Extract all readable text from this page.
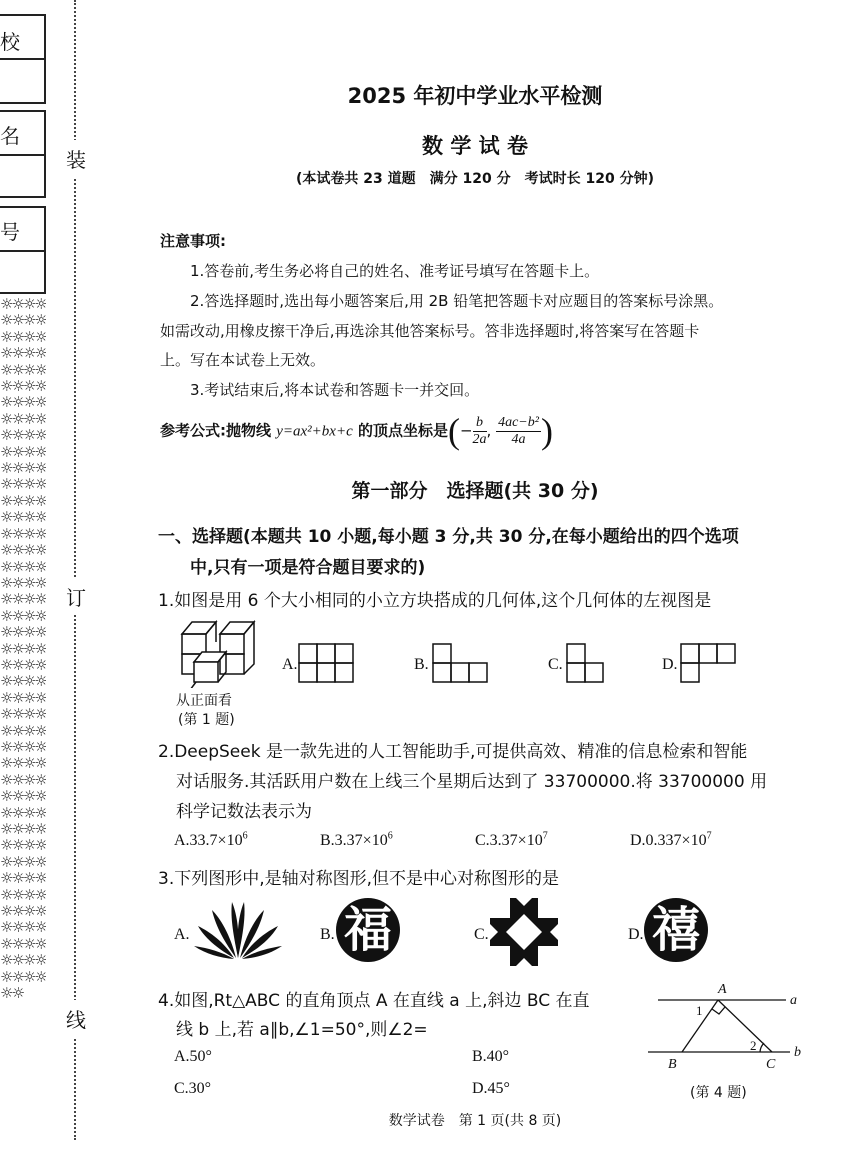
校
名
号
☼☼☼☼☼☼☼☼☼☼☼☼☼☼☼☼☼☼☼☼☼☼☼☼☼☼☼☼☼☼☼☼☼☼☼☼☼☼☼☼☼☼☼☼☼☼☼☼☼☼☼☼☼☼☼☼☼☼☼☼☼☼☼☼☼☼☼☼☼☼☼☼☼☼☼☼☼☼☼☼☼☼☼☼☼☼☼☼☼☼☼☼☼☼☼☼☼☼☼☼☼☼☼☼☼☼☼☼☼☼☼☼☼☼☼☼☼☼☼☼☼☼☼☼☼☼☼☼☼☼☼☼☼☼☼☼☼☼☼☼☼☼☼☼☼☼☼☼☼☼☼☼☼☼☼☼☼☼☼☼☼☼☼☼☼☼☼☼☼☼
装
订
线
2025 年初中学业水平检测
数 学 试 卷
(本试卷共 23 道题　满分 120 分　考试时长 120 分钟)
注意事项:
1.答卷前,考生务必将自己的姓名、准考证号填写在答题卡上。
2.答选择题时,选出每小题答案后,用 2B 铅笔把答题卡对应题目的答案标号涂黑。
如需改动,用橡皮擦干净后,再选涂其他答案标号。答非选择题时,将答案写在答题卡
上。写在本试卷上无效。
3.考试结束后,将本试卷和答题卡一并交回。
参考公式:抛物线 y=ax²+bx+c 的顶点坐标是(− $\frac{b}{2a}$ , $\frac{\text{4ac−b²}}{4a}$ )
第一部分　选择题(共 30 分)
一、选择题(本题共 10 小题,每小题 3 分,共 30 分,在每小题给出的四个选项
中,只有一项是符合题目要求的)
1.如图是用 6 个大小相同的小立方块搭成的几何体,这个几何体的左视图是
从正面看
(第 1 题)
A.	B.	C.	D.
2.DeepSeek 是一款先进的人工智能助手,可提供高效、精准的信息检索和智能
对话服务.其活跃用户数在上线三个星期后达到了 33700000.将 33700000 用
科学记数法表示为
$A.33.7\times 10^6$	$B.3.37\times 10^6$	$C.3.37\times 10^7$	$D.0.337\times 10^7$
3.下列图形中,是轴对称图形,但不是中心对称图形的是
A.	B. 福	C.	D. 禧
4.如图,Rt△ABC 的直角顶点 A 在直线 a 上,斜边 BC 在直
线 b 上,若 a∥b,∠1=50°,则∠2=
A.50°	B.40°
C.30°	D.45°
A
B	C
a
b
1
2
(第 4 题)
数学试卷　第 1 页(共 8 页)
